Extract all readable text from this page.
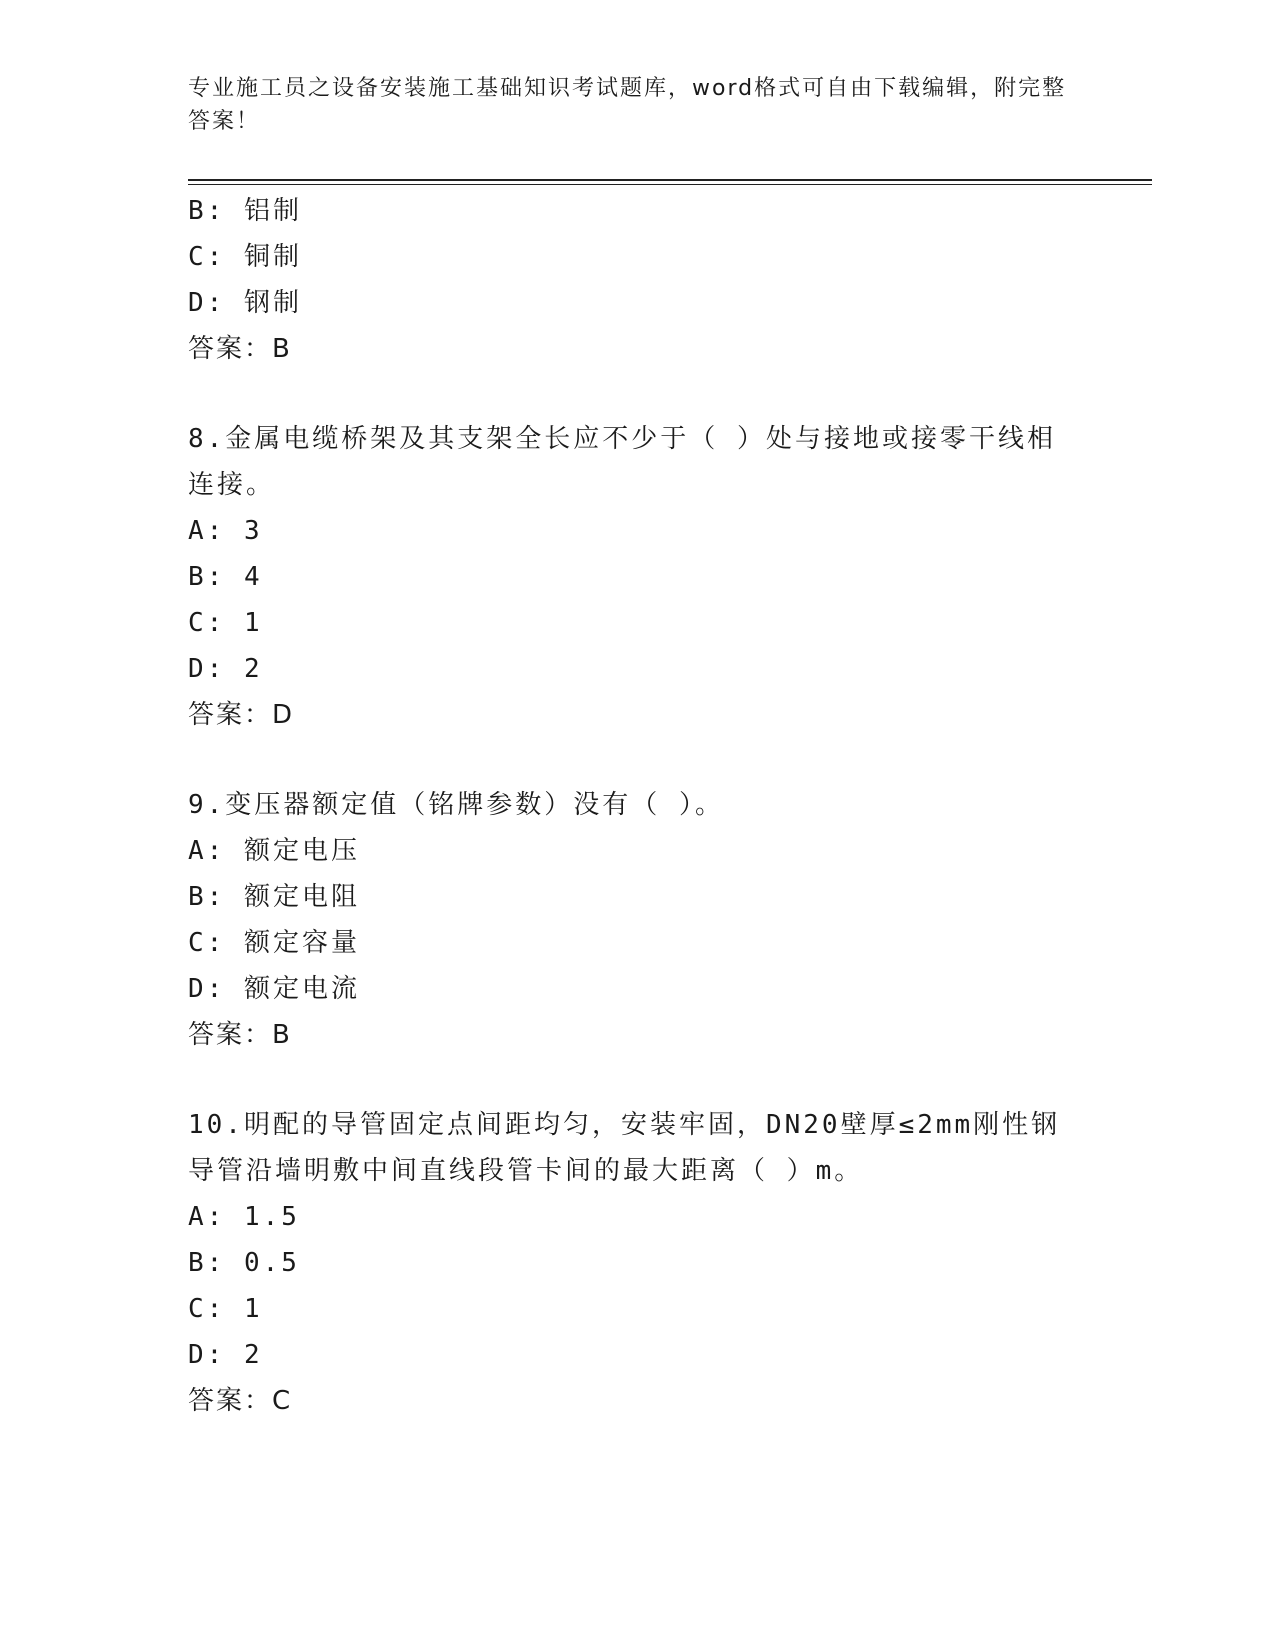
专业施工员之设备安装施工基础知识考试题库，word格式可自由下载编辑，附完整答案！
B: 铝制
C: 铜制
D: 钢制
答案：B
8.金属电缆桥架及其支架全长应不少于（ ）处与接地或接零干线相连接。
A: 3
B: 4
C: 1
D: 2
答案：D
9.变压器额定值（铭牌参数）没有（ ）。
A: 额定电压
B: 额定电阻
C: 额定容量
D: 额定电流
答案：B
10.明配的导管固定点间距均匀，安装牢固，DN20壁厚≤2mm刚性钢导管沿墙明敷中间直线段管卡间的最大距离（ ）m。
A: 1.5
B: 0.5
C: 1
D: 2
答案：C
